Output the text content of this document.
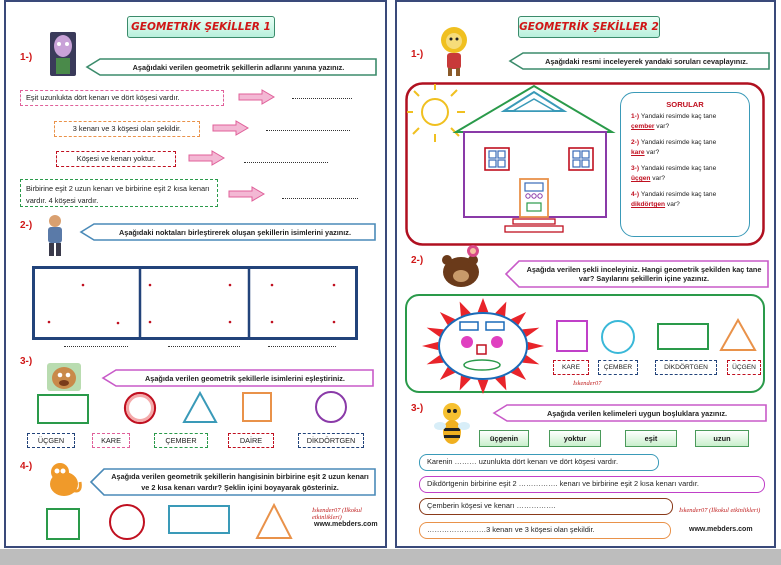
GEOMETRİK ŞEKİLLER 1
1-)
Aşağıdaki verilen geometrik şekillerin adlarını yanına yazınız.
Eşit uzunlukta dört kenarı ve dört köşesi vardır.
3 kenarı ve 3 köşesi olan şekildir.
Köşesi ve kenarı yoktur.
Birbirine eşit 2 uzun kenarı ve birbirine eşit 2 kısa kenarı vardır. 4 köşesi vardır.
2-)
Aşağıdaki noktaları birleştirerek oluşan şekillerin isimlerini yazınız.
3-)
Aşağıda verilen geometrik şekillerle isimlerini eşleştiriniz.
ÜÇGEN	KARE	ÇEMBER	DAİRE	DİKDÖRTGEN
4-)
Aşağıda verilen geometrik şekillerin hangisinin birbirine eşit 2 uzun kenarı ve 2 kısa kenarı vardır? Şeklin içini boyayarak gösteriniz.
İskender07 (İlkokul etkinlikleri)
www.mebders.com
GEOMETRİK ŞEKİLLER 2
1-)
Aşağıdaki resmi inceleyerek yandaki soruları cevaplayınız.
SORULAR
1-) Yandaki resimde kaç tane
çember var?
2-) Yandaki resimde kaç tane
kare var?
3-) Yandaki resimde kaç tane
üçgen var?
4-) Yandaki resimde kaç tane
dikdörtgen var?
2-)
Aşağıda verilen şekli inceleyiniz. Hangi geometrik şekilden kaç tane var? Sayılarını şekillerin içine yazınız.
KARE	ÇEMBER	DİKDÖRTGEN	ÜÇGEN
İskender07
3-)	Aşağıda verilen kelimeleri uygun boşluklara yazınız.
üçgenin	yoktur	eşit	uzun
Karenin ……… uzunlukta dört kenarı ve dört köşesi vardır.
Dikdörtgenin birbirine eşit 2 ……………. kenarı ve birbirine eşit 2 kısa kenarı vardır.
Çemberin köşesi ve kenarı …………….
……………………3 kenarı ve 3 köşesi olan şekildir.
İskender07 (İlkokul etkinlikleri)
www.mebders.com
